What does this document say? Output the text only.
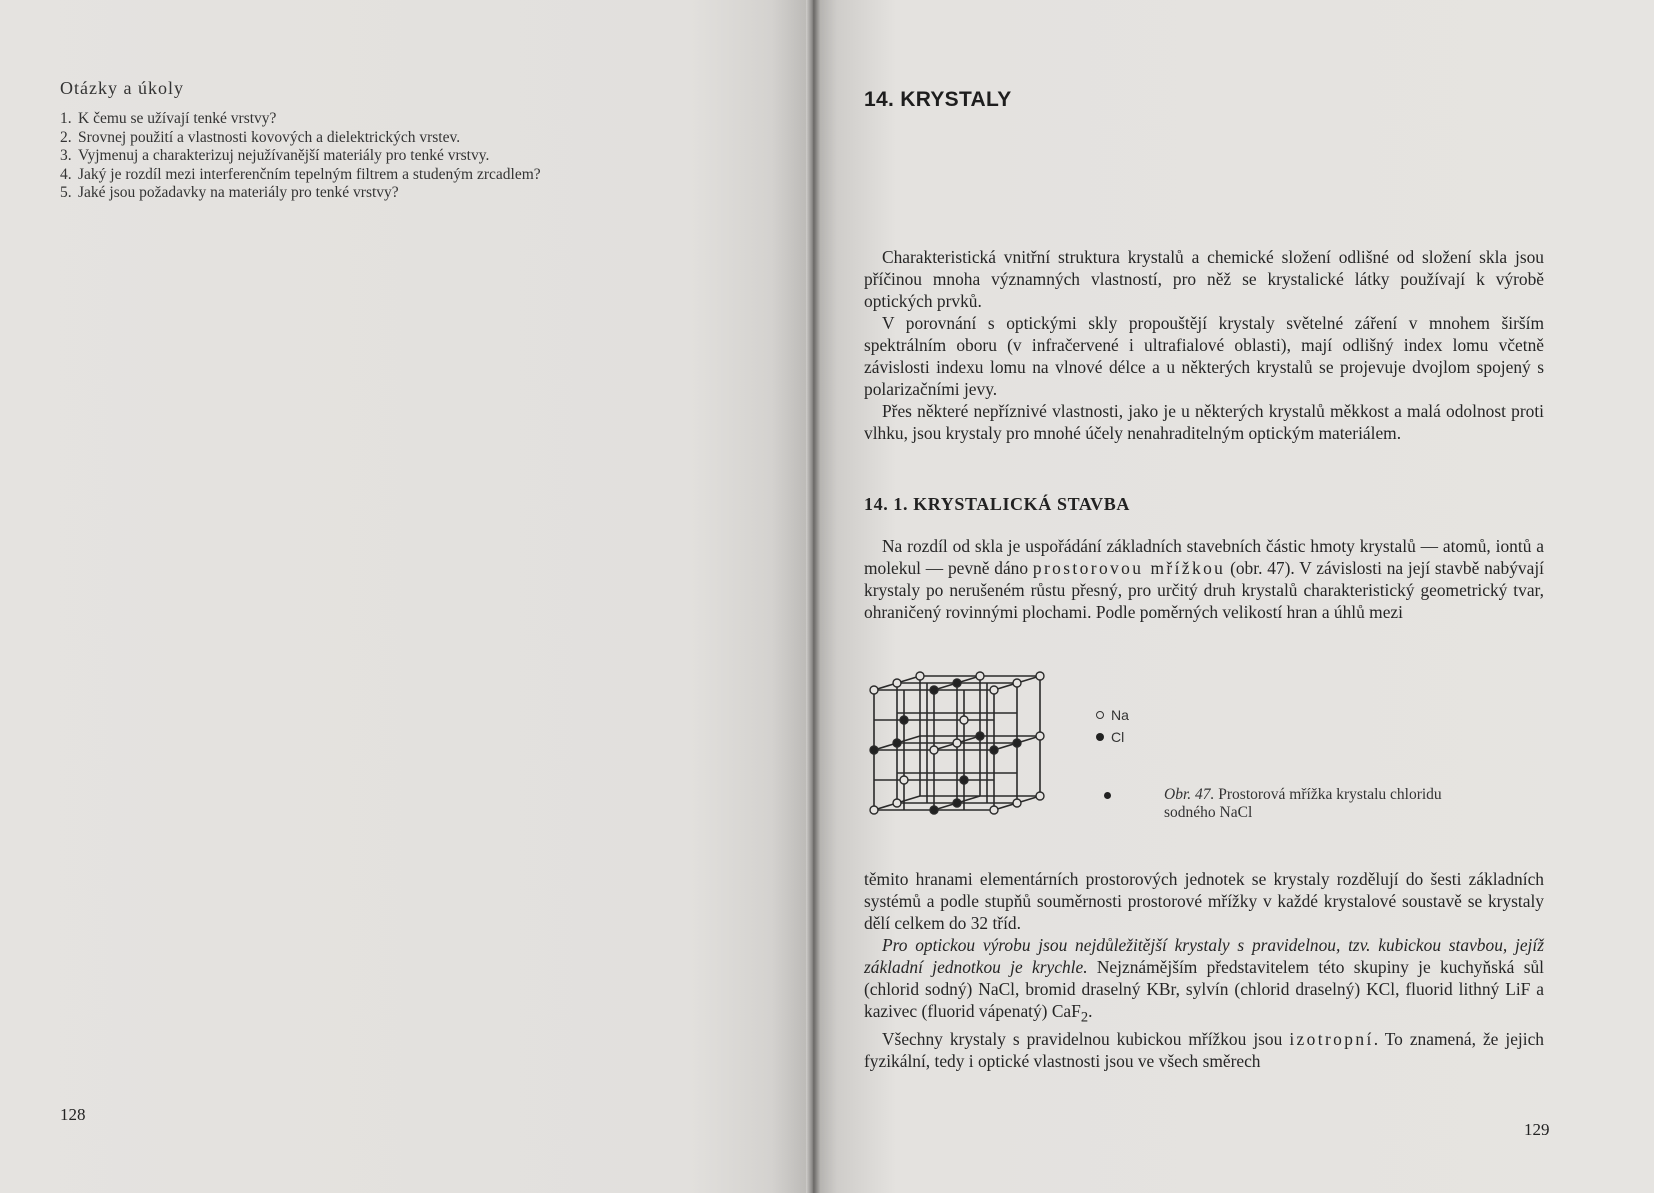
Otázky a úkoly
1. K čemu se užívají tenké vrstvy?
2. Srovnej použití a vlastnosti kovových a dielektrických vrstev.
3. Vyjmenuj a charakterizuj nejužívanější materiály pro tenké vrstvy.
4. Jaký je rozdíl mezi interferenčním tepelným filtrem a studeným zrcadlem?
5. Jaké jsou požadavky na materiály pro tenké vrstvy?
128
14. KRYSTALY

Charakteristická vnitřní struktura krystalů a chemické složení odlišné od složení skla jsou příčinou mnoha významných vlastností, pro něž se krystalické látky používají k výrobě optických prvků.

V porovnání s optickými skly propouštějí krystaly světelné záření v mnohem širším spektrálním oboru (v infračervené i ultrafialové oblasti), mají odlišný index lomu včetně závislosti indexu lomu na vlnové délce a u některých krystalů se projevuje dvojlom spojený s polarizačními jevy.

Přes některé nepříznivé vlastnosti, jako je u některých krystalů měkkost a malá odolnost proti vlhku, jsou krystaly pro mnohé účely nenahraditelným optickým materiálem.

14. 1. KRYSTALICKÁ STAVBA

Na rozdíl od skla je uspořádání základních stavebních částic hmoty krystalů — atomů, iontů a molekul — pevně dáno prostorovou mřížkou (obr. 47). V závislosti na její stavbě nabývají krystaly po nerušeném růstu přesný, pro určitý druh krystalů charakteristický geometrický tvar, ohraničený rovinnými plochami. Podle poměrných velikostí hran a úhlů mezi

Na
Cl
Obr. 47. Prostorová mřížka krystalu chloridu sodného NaCl

těmito hranami elementárních prostorových jednotek se krystaly rozdělují do šesti základních systémů a podle stupňů souměrnosti prostorové mřížky v každé krystalové soustavě se krystaly dělí celkem do 32 tříd.

Pro optickou výrobu jsou nejdůležitější krystaly s pravidelnou, tzv. kubickou stavbou, jejíž základní jednotkou je krychle. Nejznámějším představitelem této skupiny je kuchyňská sůl (chlorid sodný) NaCl, bromid draselný KBr, sylvín (chlorid draselný) KCl, fluorid lithný LiF a kazivec (fluorid vápenatý) CaF$_2$.

Všechny krystaly s pravidelnou kubickou mřížkou jsou izotropní. To znamená, že jejich fyzikální, tedy i optické vlastnosti jsou ve všech směrech

129
